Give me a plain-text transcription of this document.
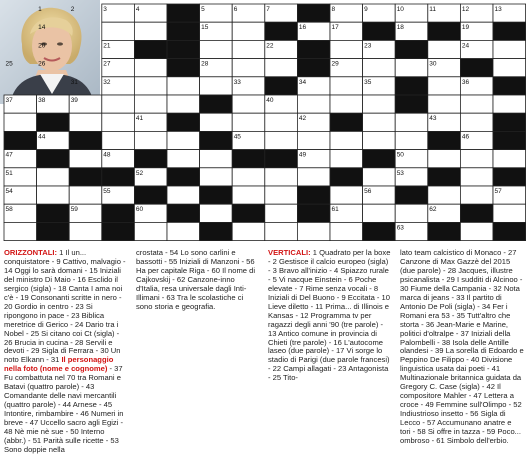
1	2	3	4	5	6	7	8	9	10	11	12	13
14	15	16	17	18	19
20	21	22	23	24
25	26	27	28	29	30
31	32	33	34	35	36
37	38	39	40
41	42	43
44	45	46
47	48	49	50
51	52	53
54	55	56	57
58	59	60	61	62
63
ORIZZONTALI: 1 Il un... conquistatore - 9 Cattivo, malvagio - 14 Oggi lo sarà domani - 15 Iniziali del ministro Di Maio - 16 Esclido il sergico (sigla) - 18 Canta I ama noi c'è - 19 Consonanti scritte in nero - 20 Gordio in centro - 23 Si ripongono in pace - 23 Biblica meretrice di Gerico - 24 Dario tra i Nobel - 25 Si citano coi Ct (sigla) - 26 Brucia in cucina - 28 Servili e devoti - 29 Sigla di Ferrara - 30 Un noto Elkann - 31 Il personaggio nella foto (nome e cognome) - 37 Fu combattuta nel 70 tra Romani e Batavi (quattro parole) - 43 Comandante delle navi mercantili (quattro parole) - 44 Arnese - 45 Intontire, rimbambire - 46 Numeri in breve - 47 Uccello sacro agli Egizi - 48 Nè mie nè sue - 50 Interno (abbr.) - 51 Parità sulle ricette - 53 Sono doppie nella
crostata - 54 Lo sono carlini e bassotti - 55 Iniziali di Manzoni - 56 Ha per capitale Riga - 60 Il nome di Cajkovskij - 62 Canzone-inno d'Italia, resa universale dagli Inti-Illimani - 63 Tra le scolastiche ci sono storia e geografia.
VERTICALI: 1 Quadrato per la boxe - 2 Gestisce il calcio europeo (sigla) - 3 Bravo all'inizio - 4 Spiazzo rurale - 5 Vi nacque Einstein - 6 Poche elevate - 7 Rime senza vocali - 8 Iniziali di Del Buono - 9 Eccitata - 10 Lieve diletto - 11 Prima... di Illinois e Kansas - 12 Programma tv per ragazzi degli anni '90 (tre parole) - 13 Antico comune in provincia di Chieti (tre parole) - 16 L'autocome laseo (due parole) - 17 Vi sorge lo stadio di Parigi (due parole francesi) - 22 Campi allagati - 23 Antagonista - 25 Tito-
lato team calcistico di Monaco - 27 Canzone di Max Gazzè del 2015 (due parole) - 28 Jacques, illustre psicanalista - 29 I sudditi di Alcinoo - 30 Fiume della Campania - 32 Nota marca di jeans - 33 Il partito di Antonio De Poli (sigla) - 34 Fer i Romani era 53 - 35 Tutt'altro che storta - 36 Jean-Marie e Marine, politici d'oltralpe - 37 Iniziali della Palombelli - 38 Isola delle Antille olandesi - 39 La sorella di Edoardo e Peppino De Filippo - 40 Divisione linguistica usata dai poeti - 41 Multinazionale britannica guidata da Gregory C. Case (sigla) - 42 Il compositore Mahler - 47 Lettera a croce - 49 Femmine sull'Olimpo - 52 Indiustrioso insetto - 56 Sigla di Lecco - 57 Accumunano anatre e tori - 58 Si offre in tazza - 59 Poco... ombroso - 61 Simbolo dell'erbio.
